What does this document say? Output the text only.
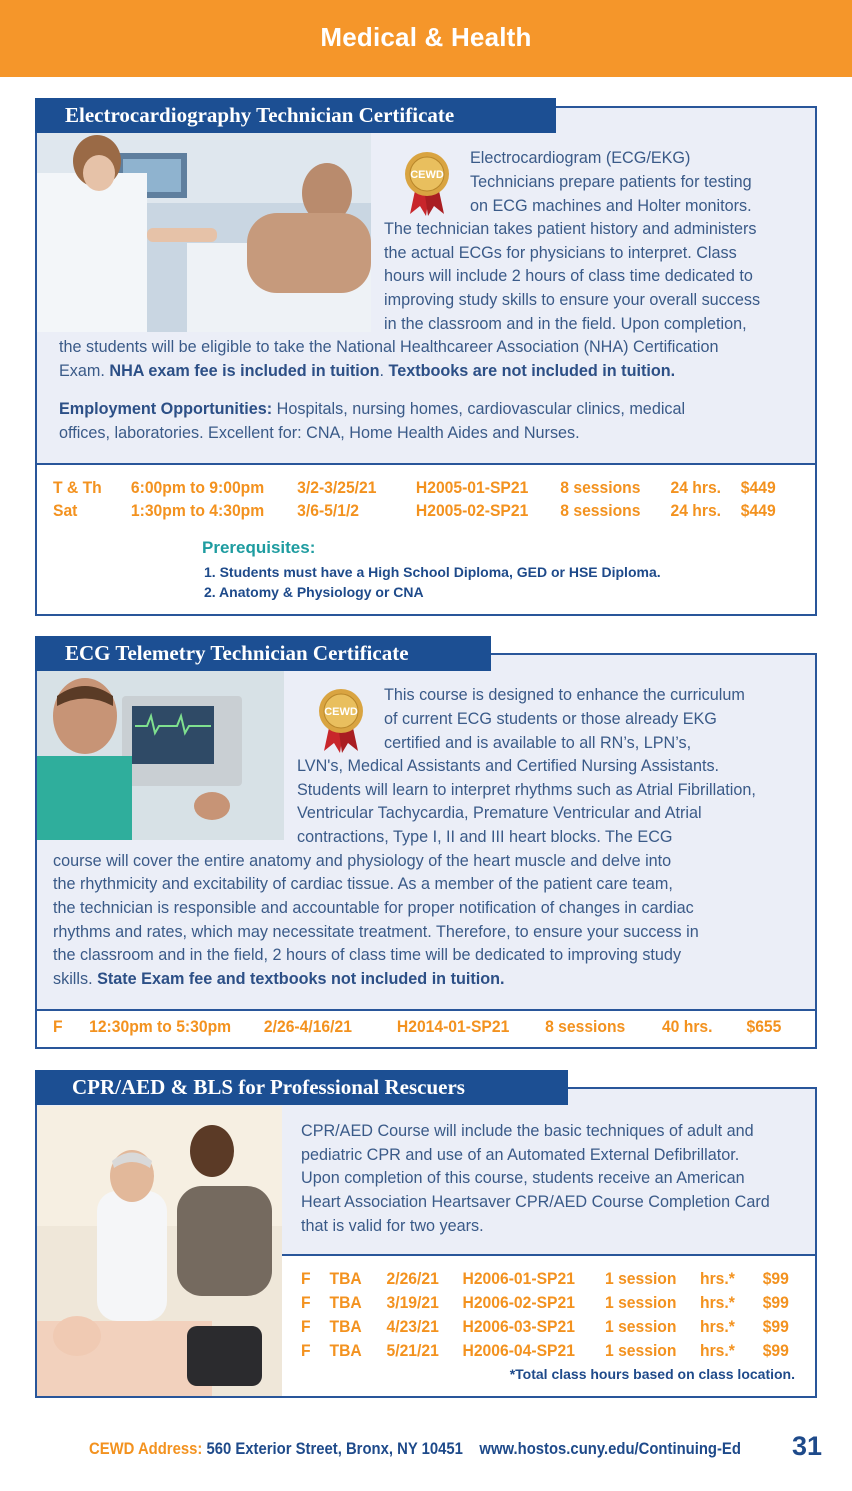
Medical & Health
Electrocardiography Technician Certificate
CEWD

Electrocardiogram (ECG/EKG)

Technicians prepare patients for testing

on ECG machines and Holter monitors.

The technician takes patient history and administers

the actual ECGs for physicians to interpret. Class

hours will include 2 hours of class time dedicated to

improving study skills to ensure your overall success

in the classroom and in the field. Upon completion,

the students will be eligible to take the National Healthcareer Association (NHA) Certification

Exam. NHA exam fee is included in tuition. Textbooks are not included in tuition.

Employment Opportunities: Hospitals, nursing homes, cardiovascular clinics, medical

offices, laboratories. Excellent for: CNA, Home Health Aides and Nurses.

T & Th 6:00pm to 9:00pm 3/2-3/25/21 H2005-01-SP21 8 sessions 24 hrs. $449
Sat	1:30pm to 4:30pm 3/6-5/1/2	H2005-02-SP21 8 sessions 24 hrs. $449
Prerequisites:
1. Students must have a High School Diploma, GED or HSE Diploma.
2. Anatomy & Physiology or CNA
ECG Telemetry Technician Certificate
CEWD

This course is designed to enhance the curriculum

of current ECG students or those already EKG

certified and is available to all RN’s, LPN’s,

LVN's, Medical Assistants and Certified Nursing Assistants.

Students will learn to interpret rhythms such as Atrial Fibrillation,

Ventricular Tachycardia, Premature Ventricular and Atrial

contractions, Type I, II and III heart blocks. The ECG

course will cover the entire anatomy and physiology of the heart muscle and delve into

the rhythmicity and excitability of cardiac tissue. As a member of the patient care team,

the technician is responsible and accountable for proper notification of changes in cardiac

rhythms and rates, which may necessitate treatment. Therefore, to ensure your success in

the classroom and in the field, 2 hours of class time will be dedicated to improving study

skills. State Exam fee and textbooks not included in tuition.

F 12:30pm to 5:30pm 2/26-4/16/21	H2014-01-SP21 8 sessions 40 hrs. $655
CPR/AED & BLS for Professional Rescuers

CPR/AED Course will include the basic techniques of adult and

pediatric CPR and use of an Automated External Defibrillator.

Upon completion of this course, students receive an American

Heart Association Heartsaver CPR/AED Course Completion Card

that is valid for two years.

F TBA 2/26/21 H2006-01-SP21 1 session hrs.* $99
F TBA 3/19/21 H2006-02-SP21 1 session hrs.* $99
F TBA 4/23/21 H2006-03-SP21 1 session hrs.* $99
F TBA 5/21/21 H2006-04-SP21 1 session hrs.* $99
*Total class hours based on class location.
CEWD Address: 560 Exterior Street, Bronx, NY 10451 www.hostos.cuny.edu/Continuing-Ed 31
